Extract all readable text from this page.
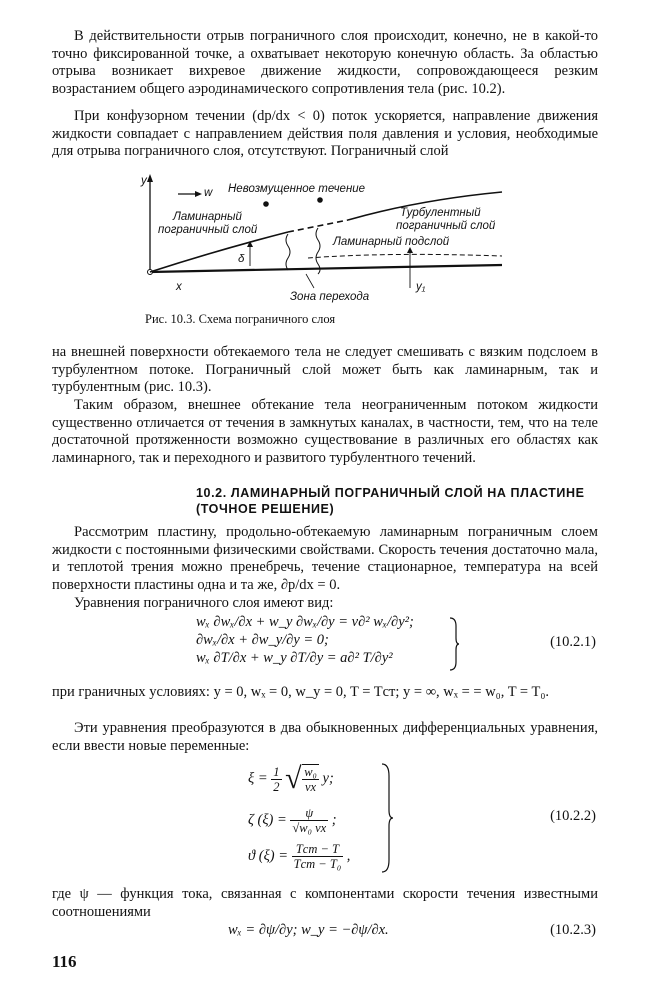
В действительности отрыв пограничного слоя происходит, конечно, не в какой-то точно фиксированной точке, а охватывает некоторую конечную область. За областью отрыва возникает вихревое движение жидкости, сопровождающееся резким возрастанием общего аэродинамического сопротивления тела (рис. 10.2).

При конфузорном течении (dp/dx < 0) поток ускоряется, направление движения жидкости совпадает с направлением действия поля давления и условия, необходимые для отрыва пограничного слоя, отсутствуют. Пограничный слой

y
w Невозмущенное течение
δ
y₁
Ламинарный
пограничный слой
Турбулентный
пограничный слой
Ламинарный подслой
x
Зона перехода
Рис. 10.3. Схема пограничного слоя

на внешней поверхности обтекаемого тела не следует смешивать с вязким подслоем в турбулентном потоке. Пограничный слой может быть как ламинарным, так и турбулентным (рис. 10.3).

Таким образом, внешнее обтекание тела неограниченным потоком жидкости существенно отличается от течения в замкнутых каналах, в частности, тем, что на теле достаточной протяженности возможно существование в различных его областях как ламинарного, так и переходного и развитого турбулентного течений.

10.2. ЛАМИНАРНЫЙ ПОГРАНИЧНЫЙ СЛОЙ НА ПЛАСТИНЕ
(ТОЧНОЕ РЕШЕНИЕ)

Рассмотрим пластину, продольно-обтекаемую ламинарным пограничным слоем жидкости с постоянными физическими свойствами. Скорость течения достаточно мала, и теплотой трения можно пренебречь, течение стационарное, температура на всей поверхности пластины одна и та же, ∂p/dx = 0.

Уравнения пограничного слоя имеют вид:

wₓ ∂wₓ/∂x + w_y ∂wₓ/∂y = ν∂² wₓ/∂y²;
∂wₓ/∂x + ∂w_y/∂y = 0;
wₓ ∂T/∂x + w_y ∂T/∂y = a∂² T/∂y²
(10.2.1)

при граничных условиях: y = 0, wₓ = 0, w_y = 0, T = Tст; y = ∞, wₓ = = w₀, T = T₀.

Эти уравнения преобразуются в два обыкновенных дифференциальных уравнения, если ввести новые переменные:

$\xi = \frac{1}{2}$ √ $\frac{\text{w₀}}{\nu x} y$;
ζ $(\xi) = \frac{\psi}{\text{√w₀ νx}}$ ;
ϑ $(\xi) = \frac{\text{Tст − T}}{\text{Tст − T₀}}$ ,
(10.2.2)

где ψ — функция тока, связанная с компонентами скорости течения известными соотношениями

wₓ = ∂ψ/∂y; w_y = −∂ψ/∂x.	(10.2.3)
116
